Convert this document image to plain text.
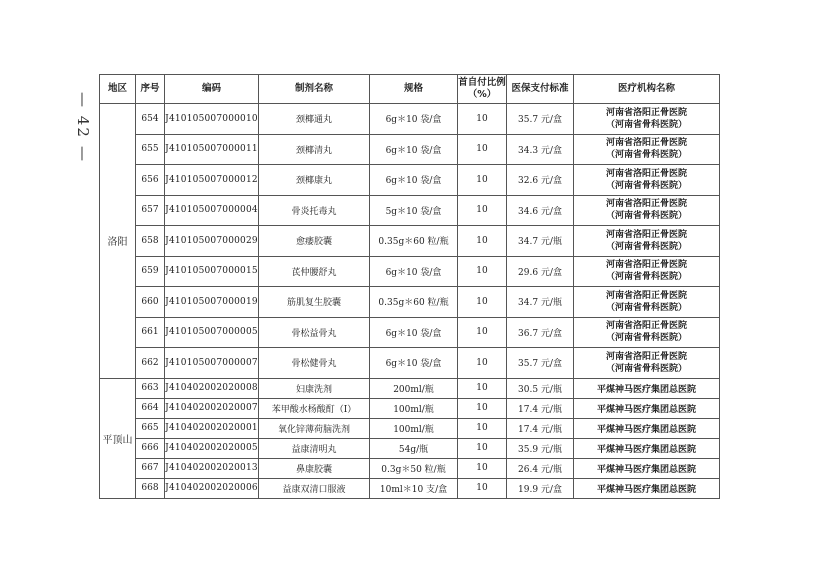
— 42 —
地区	序号	编码	制剂名称	规格	首自付比例（%）	医保支付标准	医疗机构名称
洛阳	654	J410105007000010	颈椰通丸	6g＊10 袋/盒	10	35.7 元/盒	河南省洛阳正骨医院
（河南省骨科医院）

	655	J410105007000011	颈椰清丸	6g＊10 袋/盒	10	34.3 元/盒	河南省洛阳正骨医院
（河南省骨科医院）

	656	J410105007000012	颈椰康丸	6g＊10 袋/盒	10	32.6 元/盒	河南省洛阳正骨医院
（河南省骨科医院）

	657	J410105007000004	骨炎托毒丸	5g＊10 袋/盒	10	34.6 元/盒	河南省洛阳正骨医院
（河南省骨科医院）

	658	J410105007000029	愈痿胶囊	0.35g＊60 粒/瓶	10	34.7 元/瓶	河南省洛阳正骨医院
（河南省骨科医院）

	659	J410105007000015	芪仲腰舒丸	6g＊10 袋/盒	10	29.6 元/盒	河南省洛阳正骨医院
（河南省骨科医院）

	660	J410105007000019	筋肌复生胶囊	0.35g＊60 粒/瓶	10	34.7 元/瓶	河南省洛阳正骨医院
（河南省骨科医院）

	661	J410105007000005	骨松益骨丸	6g＊10 袋/盒	10	36.7 元/盒	河南省洛阳正骨医院
（河南省骨科医院）

	662	J410105007000007	骨松健骨丸	6g＊10 袋/盒	10	35.7 元/盒	河南省洛阳正骨医院
（河南省骨科医院）

平顶山	663	J410402002020008	妇康洗剂	200ml/瓶	10	30.5 元/瓶	平煤神马医疗集团总医院
	664	J410402002020007	苯甲酸水杨酸酊（Ⅰ）	100ml/瓶	10	17.4 元/瓶	平煤神马医疗集团总医院
	665	J410402002020001	氧化锌薄荷脑洗剂	100ml/瓶	10	17.4 元/瓶	平煤神马医疗集团总医院
	666	J410402002020005	益康清明丸	54g/瓶	10	35.9 元/瓶	平煤神马医疗集团总医院
	667	J410402002020013	鼻康胶囊	0.3g＊50 粒/瓶	10	26.4 元/瓶	平煤神马医疗集团总医院
	668	J410402002020006	益康双清口服液	10ml＊10 支/盒	10	19.9 元/盒	平煤神马医疗集团总医院
